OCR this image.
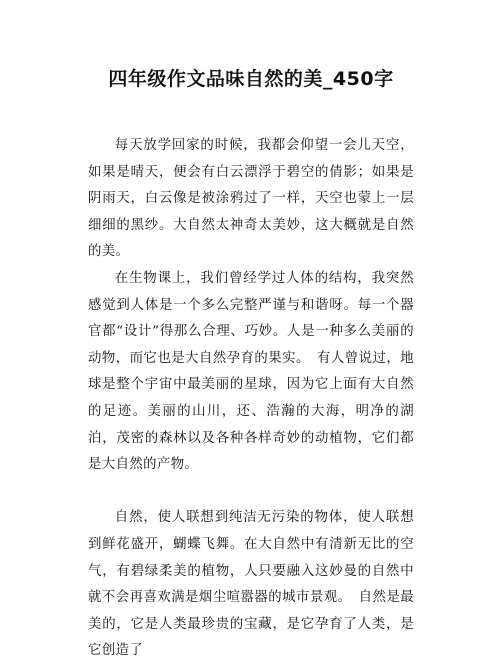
四年级作文品味自然的美_450字

每天放学回家的时候，我都会仰望一会儿天空，如果是晴天，便会有白云漂浮于碧空的倩影；如果是阴雨天，白云像是被涂鸦过了一样，天空也蒙上一层细细的黑纱。大自然太神奇太美妙，这大概就是自然的美。

在生物课上，我们曾经学过人体的结构，我突然感觉到人体是一个多么完整严谨与和谐呀。每一个器官都“设计”得那么合理、巧妙。人是一种多么美丽的动物，而它也是大自然孕育的果实。　有人曾说过，地球是整个宇宙中最美丽的星球，因为它上面有大自然的足迹。美丽的山川，还、浩瀚的大海，明净的湖泊，茂密的森林以及各种各样奇妙的动植物，它们都是大自然的产物。

自然，使人联想到纯洁无污染的物体，使人联想到鲜花盛开，蝴蝶飞舞。在大自然中有清新无比的空气，有碧绿柔美的植物，人只要融入这妙曼的自然中就不会再喜欢满是烟尘喧嚣器的城市景观。　自然是最美的，它是人类最珍贵的宝藏，是它孕育了人类，是它创造了
